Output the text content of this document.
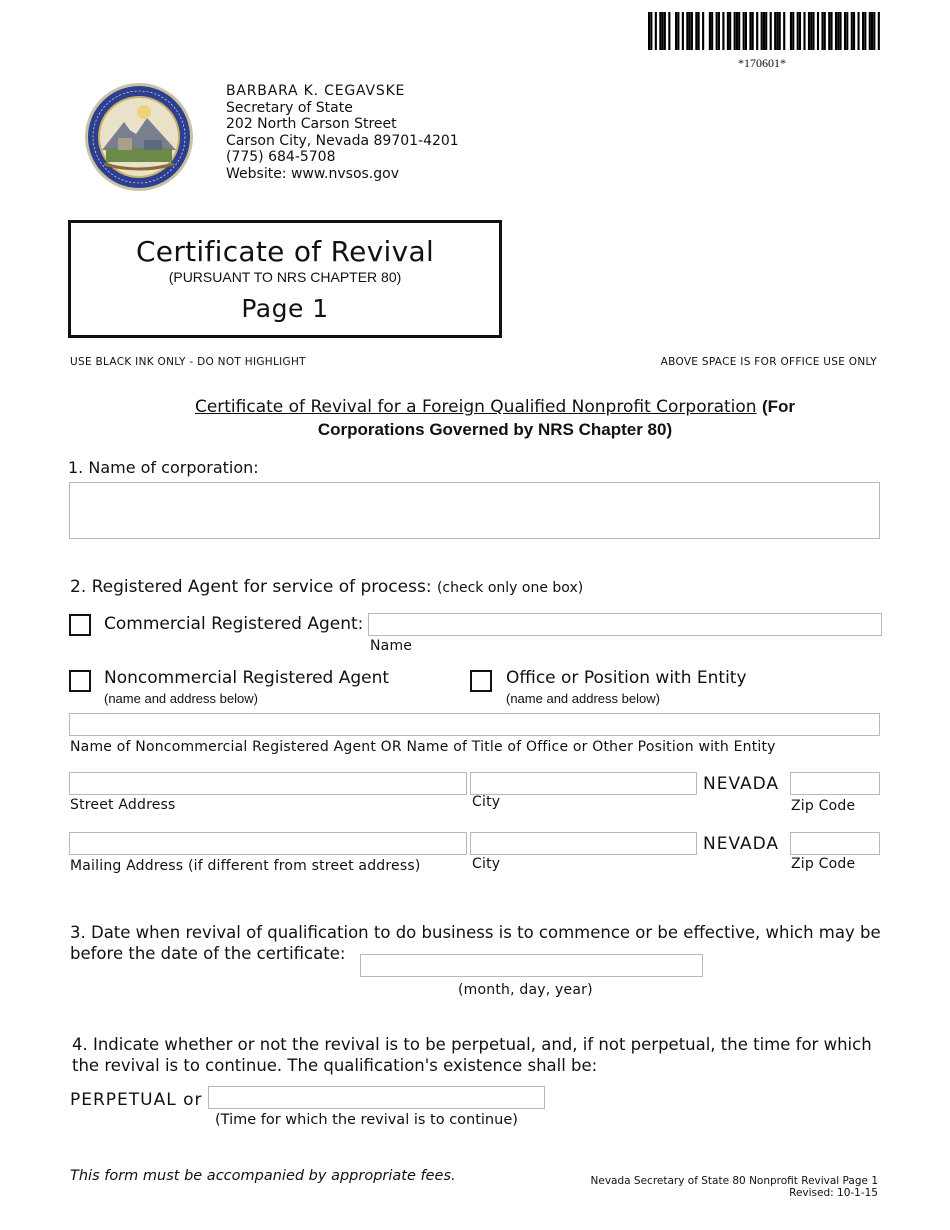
*170601*
BARBARA K. CEGAVSKE
Secretary of State
202 North Carson Street
Carson City, Nevada 89701-4201
(775) 684-5708
Website: www.nvsos.gov
Certificate of Revival
(PURSUANT TO NRS CHAPTER 80)
Page 1
USE BLACK INK ONLY - DO NOT HIGHLIGHT	ABOVE SPACE IS FOR OFFICE USE ONLY
Certificate of Revival for a Foreign Qualified Nonprofit Corporation (For
Corporations Governed by NRS Chapter 80)
1. Name of corporation:
2. Registered Agent for service of process: (check only one box)
Commercial Registered Agent:
Name
Noncommercial Registered Agent
(name and address below)
Office or Position with Entity
(name and address below)
Name of Noncommercial Registered Agent OR Name of Title of Office or Other Position with Entity
NEVADA
Street Address	City	Zip Code
NEVADA
Mailing Address (if different from street address)	City	Zip Code
3. Date when revival of qualification to do business is to commence or be effective, which may be
before the date of the certificate:
(month, day, year)
4. Indicate whether or not the revival is to be perpetual, and, if not perpetual, the time for which
the revival is to continue. The qualification's existence shall be:
PERPETUAL or
(Time for which the revival is to continue)
This form must be accompanied by appropriate fees.	Nevada Secretary of State 80 Nonprofit Revival Page 1
Revised: 10-1-15
